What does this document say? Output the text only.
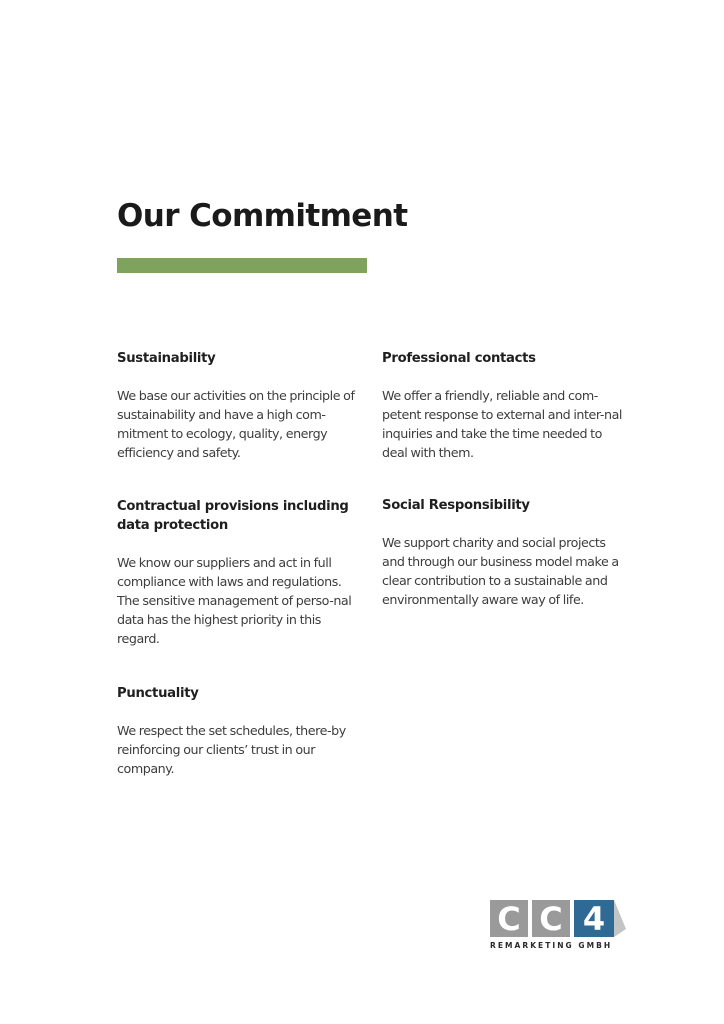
Our Commitment
Sustainability

We base our activities on the principle of sustainability and have a high com-mitment to ecology, quality, energy efficiency and safety.

Contractual provisions including data protection

We know our suppliers and act in full compliance with laws and regulations. The sensitive management of perso-nal data has the highest priority in this regard.

Punctuality

We respect the set schedules, there-by reinforcing our clients’ trust in our company.

Professional contacts

We offer a friendly, reliable and com-petent response to external and inter-nal inquiries and take the time needed to deal with them.

Social Responsibility

We support charity and social projects and through our business model make a clear contribution to a sustainable and environmentally aware way of life.

C C 4
REMARKETING GMBH
